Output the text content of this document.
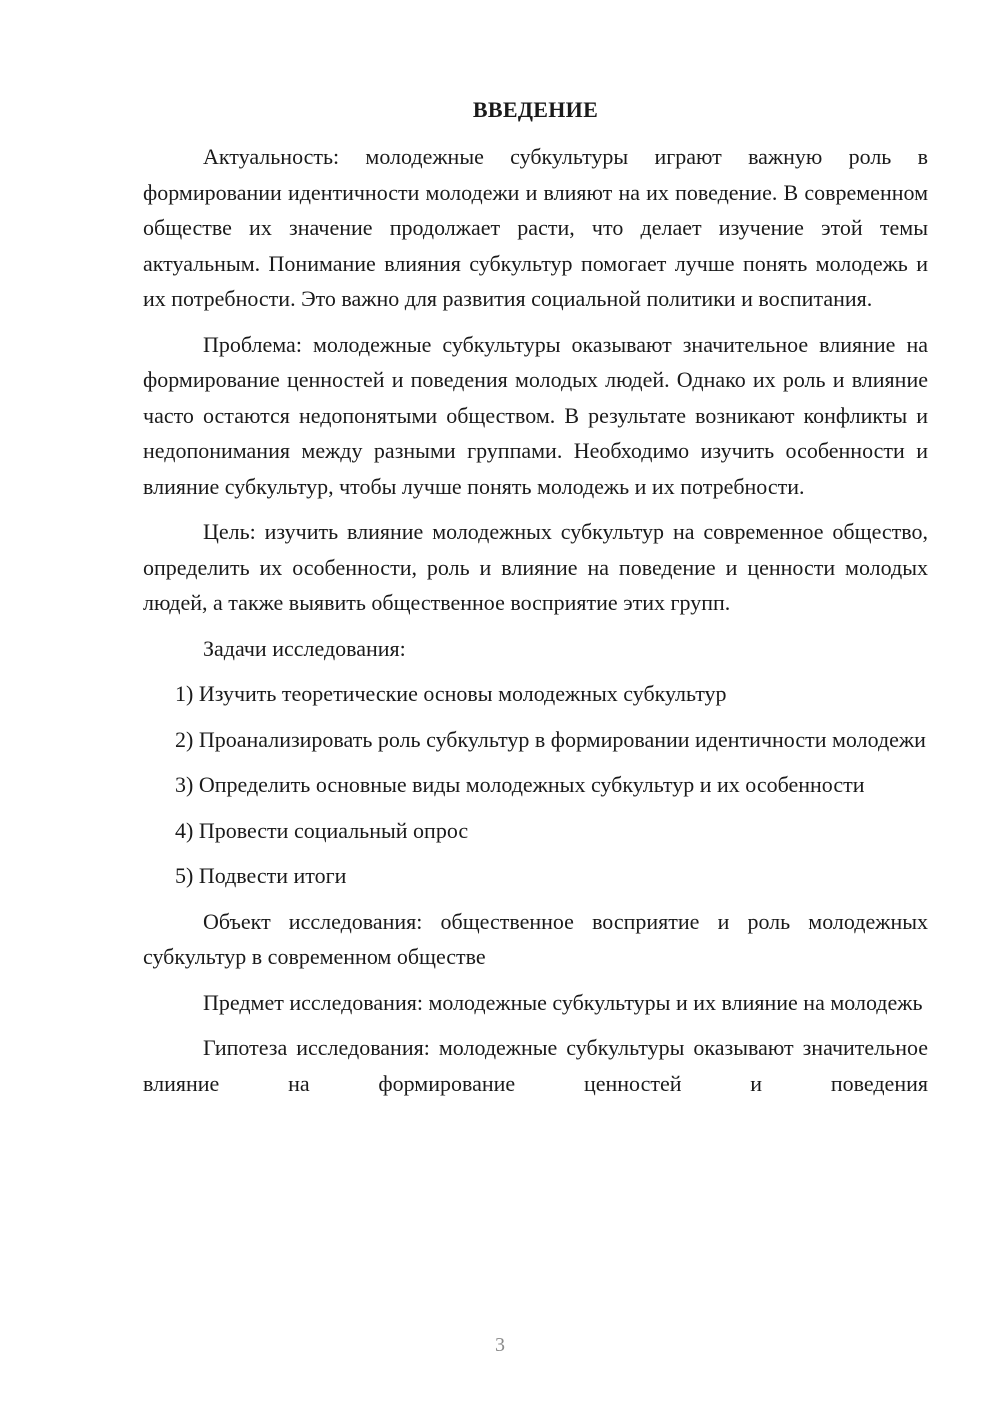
ВВЕДЕНИЕ

Актуальность: молодежные субкультуры играют важную роль в формировании идентичности молодежи и влияют на их поведение. В современном обществе их значение продолжает расти, что делает изучение этой темы актуальным. Понимание влияния субкультур помогает лучше понять молодежь и их потребности. Это важно для развития социальной политики и воспитания.

Проблема: молодежные субкультуры оказывают значительное влияние на формирование ценностей и поведения молодых людей. Однако их роль и влияние часто остаются недопонятыми обществом. В результате возникают конфликты и недопонимания между разными группами. Необходимо изучить особенности и влияние субкультур, чтобы лучше понять молодежь и их потребности.

Цель: изучить влияние молодежных субкультур на современное общество, определить их особенности, роль и влияние на поведение и ценности молодых людей, а также выявить общественное восприятие этих групп.

Задачи исследования:

1) Изучить теоретические основы молодежных субкультур

2) Проанализировать роль субкультур в формировании идентичности молодежи

3) Определить основные виды молодежных субкультур и их особенности

4) Провести социальный опрос

5) Подвести итоги

Объект исследования: общественное восприятие и роль молодежных субкультур в современном обществе

Предмет исследования: молодежные субкультуры и их влияние на молодежь

Гипотеза исследования: молодежные субкультуры оказывают значительное влияние на формирование ценностей и поведения

3
